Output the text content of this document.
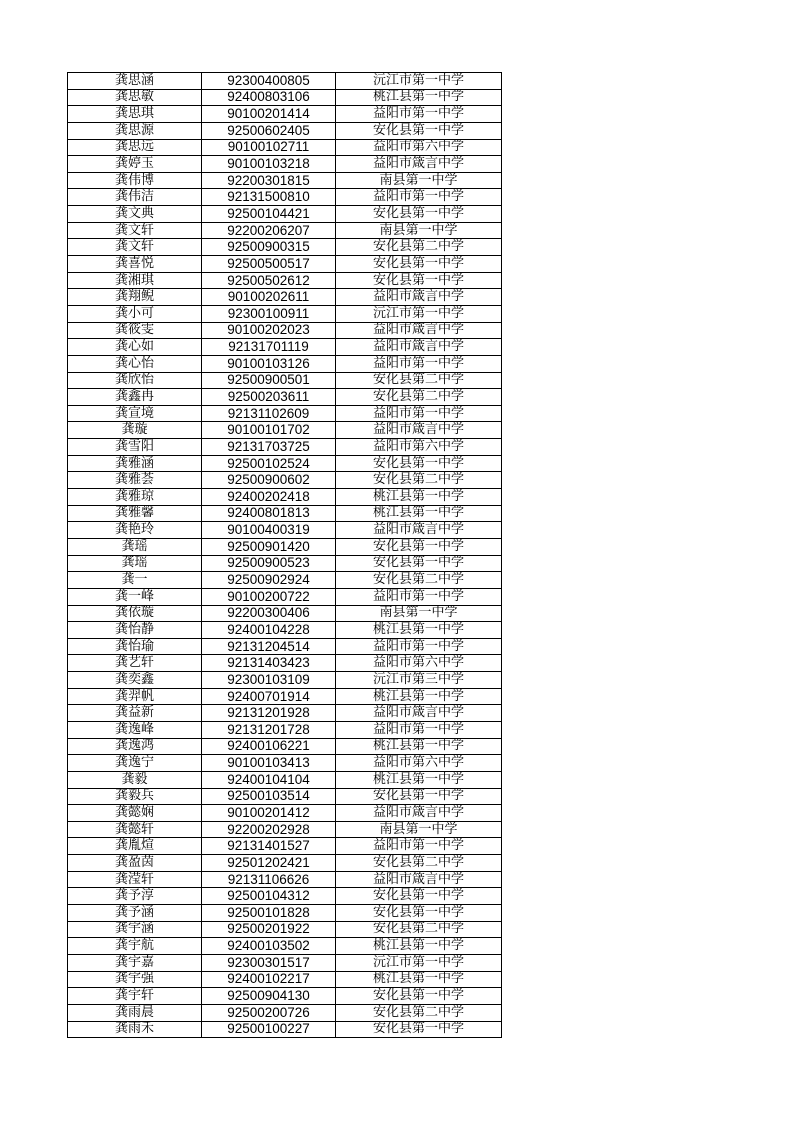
龚思涵	92300400805	沅江市第一中学
龚思敏	92400803106	桃江县第一中学
龚思琪	90100201414	益阳市第一中学
龚思源	92500602405	安化县第一中学
龚思远	90100102711	益阳市第六中学
龚婷玉	90100103218	益阳市箴言中学
龚伟博	92200301815	南县第一中学
龚伟洁	92131500810	益阳市第一中学
龚文典	92500104421	安化县第一中学
龚文轩	92200206207	南县第一中学
龚文轩	92500900315	安化县第二中学
龚喜悦	92500500517	安化县第一中学
龚湘琪	92500502612	安化县第一中学
龚翔鲵	90100202611	益阳市箴言中学
龚小可	92300100911	沅江市第一中学
龚筱雯	90100202023	益阳市箴言中学
龚心如	92131701119	益阳市箴言中学
龚心怡	90100103126	益阳市第一中学
龚欣怡	92500900501	安化县第二中学
龚鑫冉	92500203611	安化县第二中学
龚宣境	92131102609	益阳市第一中学
龚璇	90100101702	益阳市箴言中学
龚雪阳	92131703725	益阳市第六中学
龚雅涵	92500102524	安化县第一中学
龚雅荟	92500900602	安化县第二中学
龚雅琼	92400202418	桃江县第一中学
龚雅馨	92400801813	桃江县第一中学
龚艳玲	90100400319	益阳市箴言中学
龚瑶	92500901420	安化县第一中学
龚瑶	92500900523	安化县第一中学
龚一	92500902924	安化县第二中学
龚一峰	90100200722	益阳市第一中学
龚依璇	92200300406	南县第一中学
龚怡静	92400104228	桃江县第一中学
龚怡瑜	92131204514	益阳市第一中学
龚艺轩	92131403423	益阳市第六中学
龚奕鑫	92300103109	沅江市第三中学
龚羿帆	92400701914	桃江县第一中学
龚益新	92131201928	益阳市箴言中学
龚逸峰	92131201728	益阳市第一中学
龚逸鸿	92400106221	桃江县第一中学
龚逸宁	90100103413	益阳市第六中学
龚毅	92400104104	桃江县第一中学
龚毅兵	92500103514	安化县第一中学
龚懿娴	90100201412	益阳市箴言中学
龚懿轩	92200202928	南县第一中学
龚胤煊	92131401527	益阳市第一中学
龚盈茵	92501202421	安化县第二中学
龚滢轩	92131106626	益阳市箴言中学
龚予淳	92500104312	安化县第一中学
龚予涵	92500101828	安化县第一中学
龚宇涵	92500201922	安化县第二中学
龚宇航	92400103502	桃江县第一中学
龚宇嘉	92300301517	沅江市第一中学
龚宇强	92400102217	桃江县第一中学
龚宇轩	92500904130	安化县第一中学
龚雨晨	92500200726	安化县第二中学
龚雨禾	92500100227	安化县第一中学
